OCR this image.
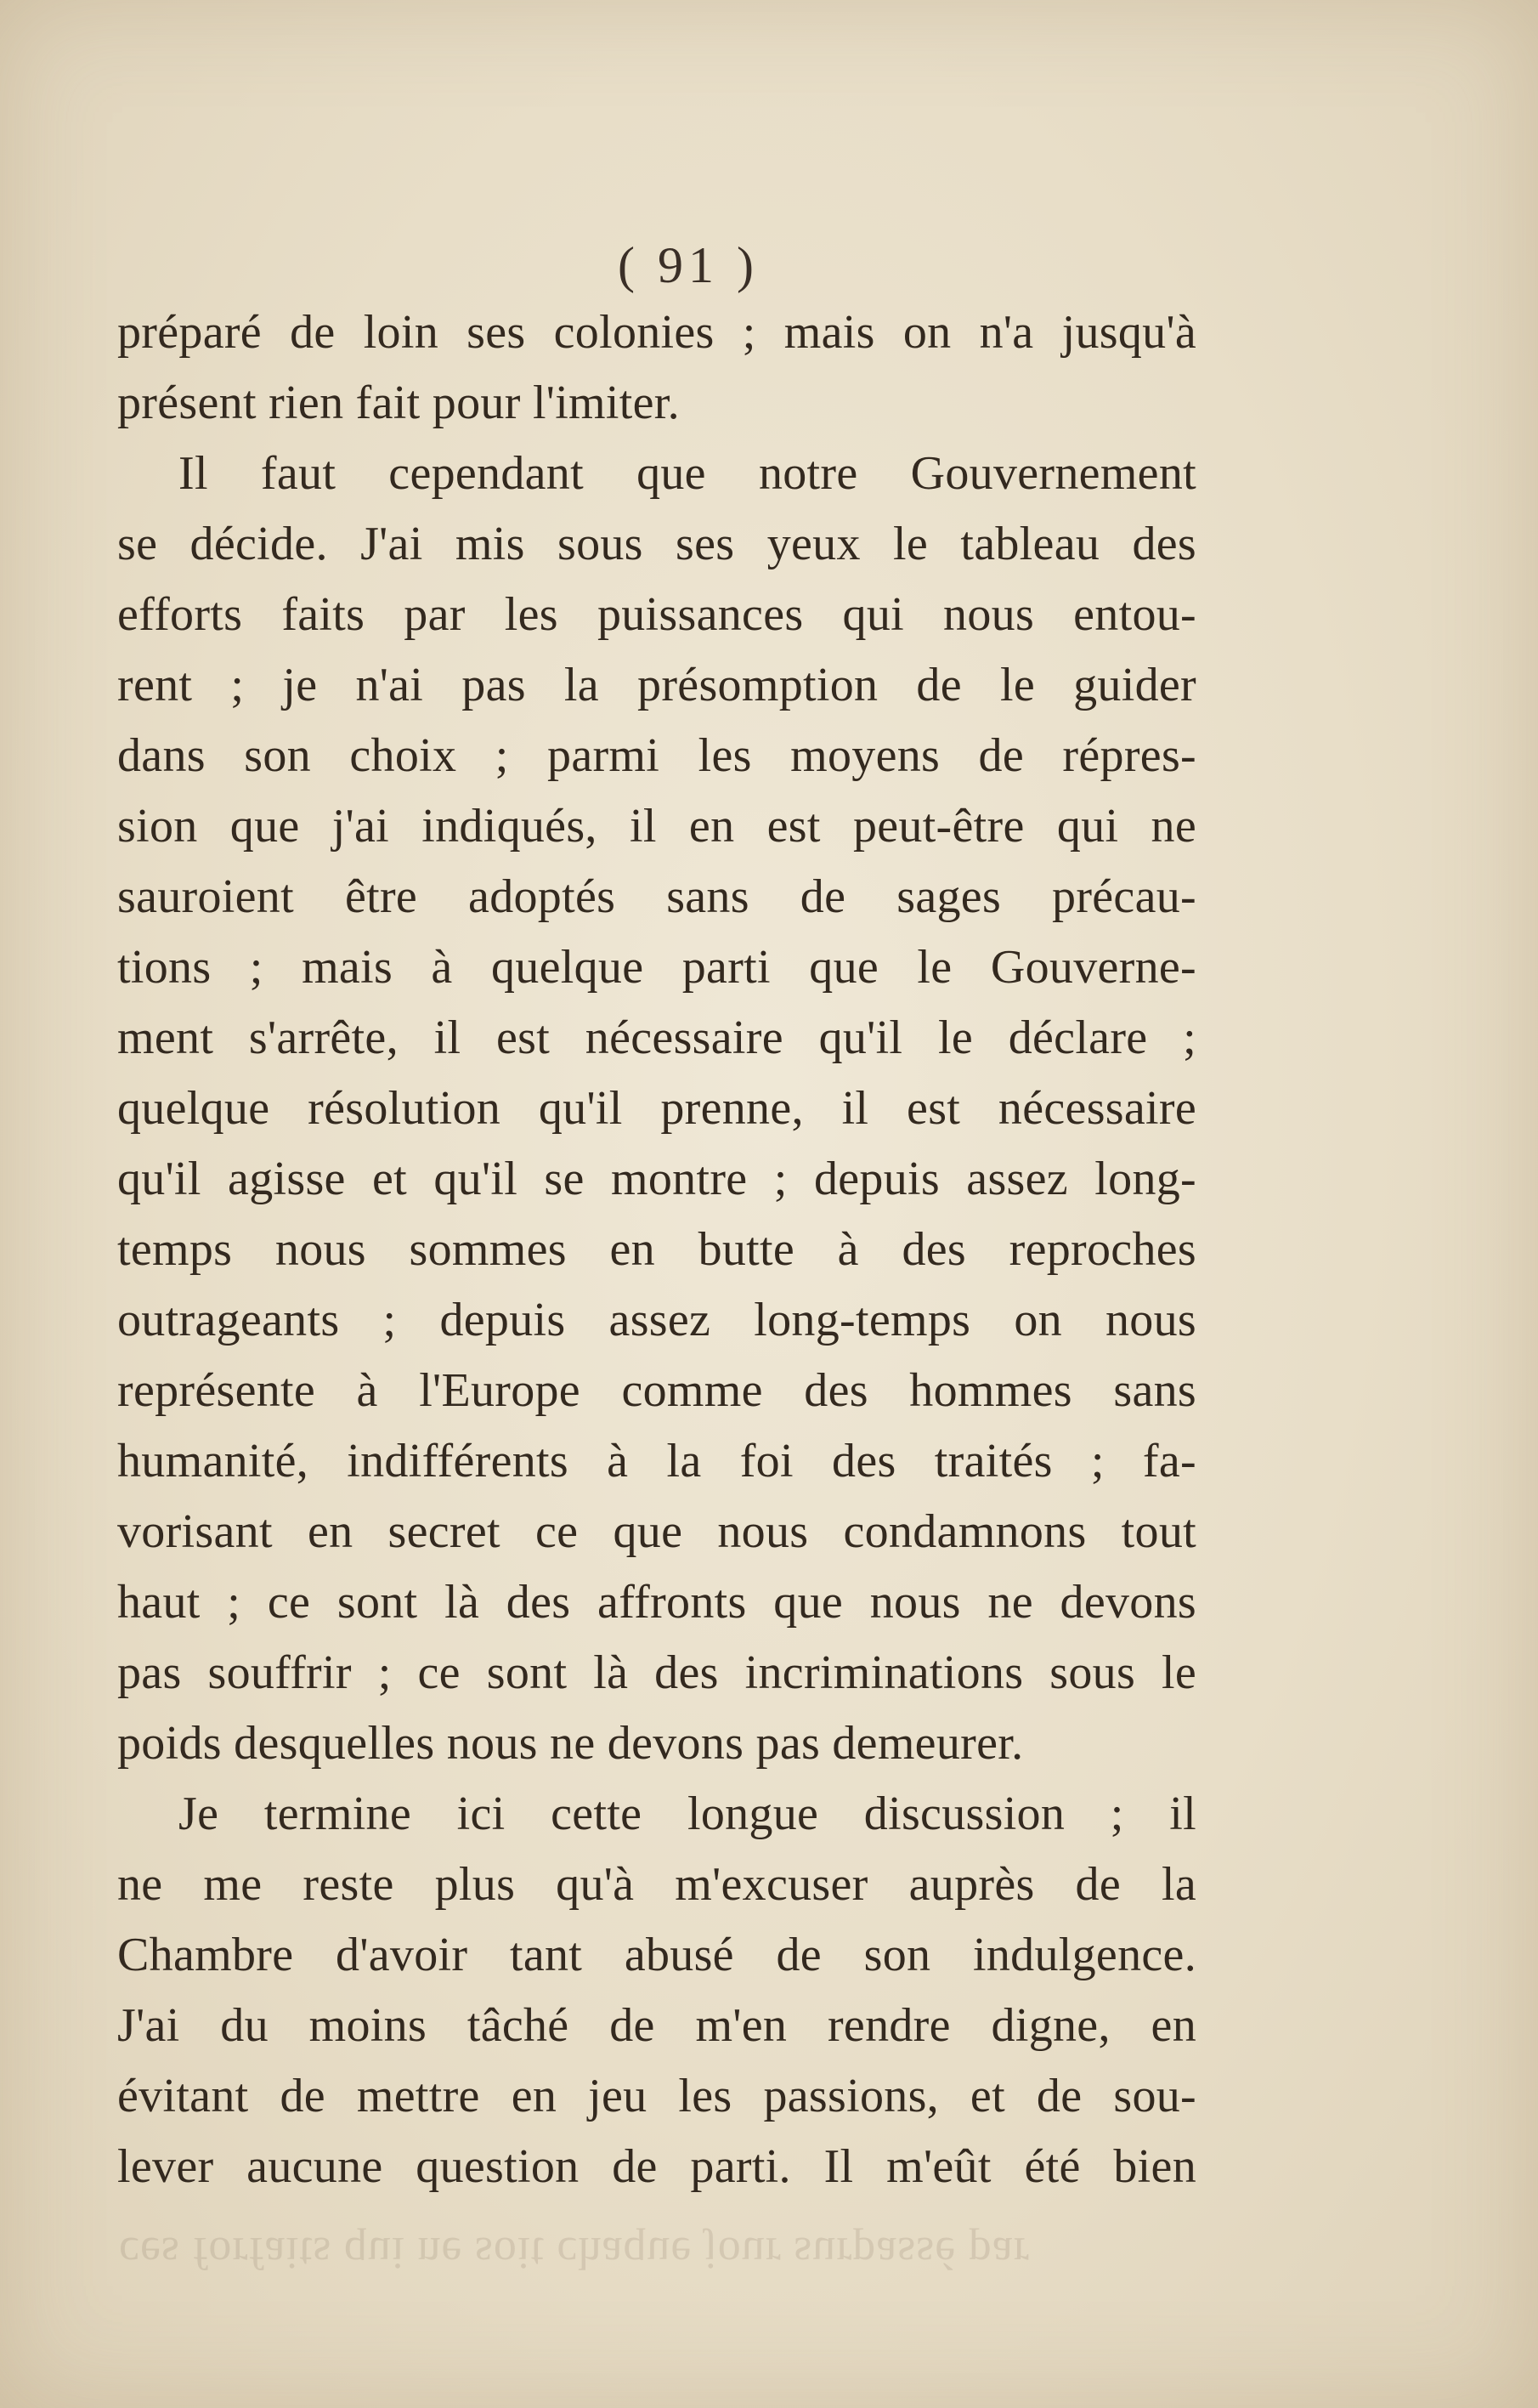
ces forfaits qui ne soit chaque jour surpassé par
( 91 )
préparé de loin ses colonies ; mais on n'a jusqu'à
présent rien fait pour l'imiter.
Il faut cependant que notre Gouvernement
se décide. J'ai mis sous ses yeux le tableau des
efforts faits par les puissances qui nous entou-
rent ; je n'ai pas la présomption de le guider
dans son choix ; parmi les moyens de répres-
sion que j'ai indiqués, il en est peut-être qui ne
sauroient être adoptés sans de sages précau-
tions ; mais à quelque parti que le Gouverne-
ment s'arrête, il est nécessaire qu'il le déclare ;
quelque résolution qu'il prenne, il est nécessaire
qu'il agisse et qu'il se montre ; depuis assez long-
temps nous sommes en butte à des reproches
outrageants ; depuis assez long-temps on nous
représente à l'Europe comme des hommes sans
humanité, indifférents à la foi des traités ; fa-
vorisant en secret ce que nous condamnons tout
haut ; ce sont là des affronts que nous ne devons
pas souffrir ; ce sont là des incriminations sous le
poids desquelles nous ne devons pas demeurer.
Je termine ici cette longue discussion ; il
ne me reste plus qu'à m'excuser auprès de la
Chambre d'avoir tant abusé de son indulgence.
J'ai du moins tâché de m'en rendre digne, en
évitant de mettre en jeu les passions, et de sou-
lever aucune question de parti. Il m'eût été bien
